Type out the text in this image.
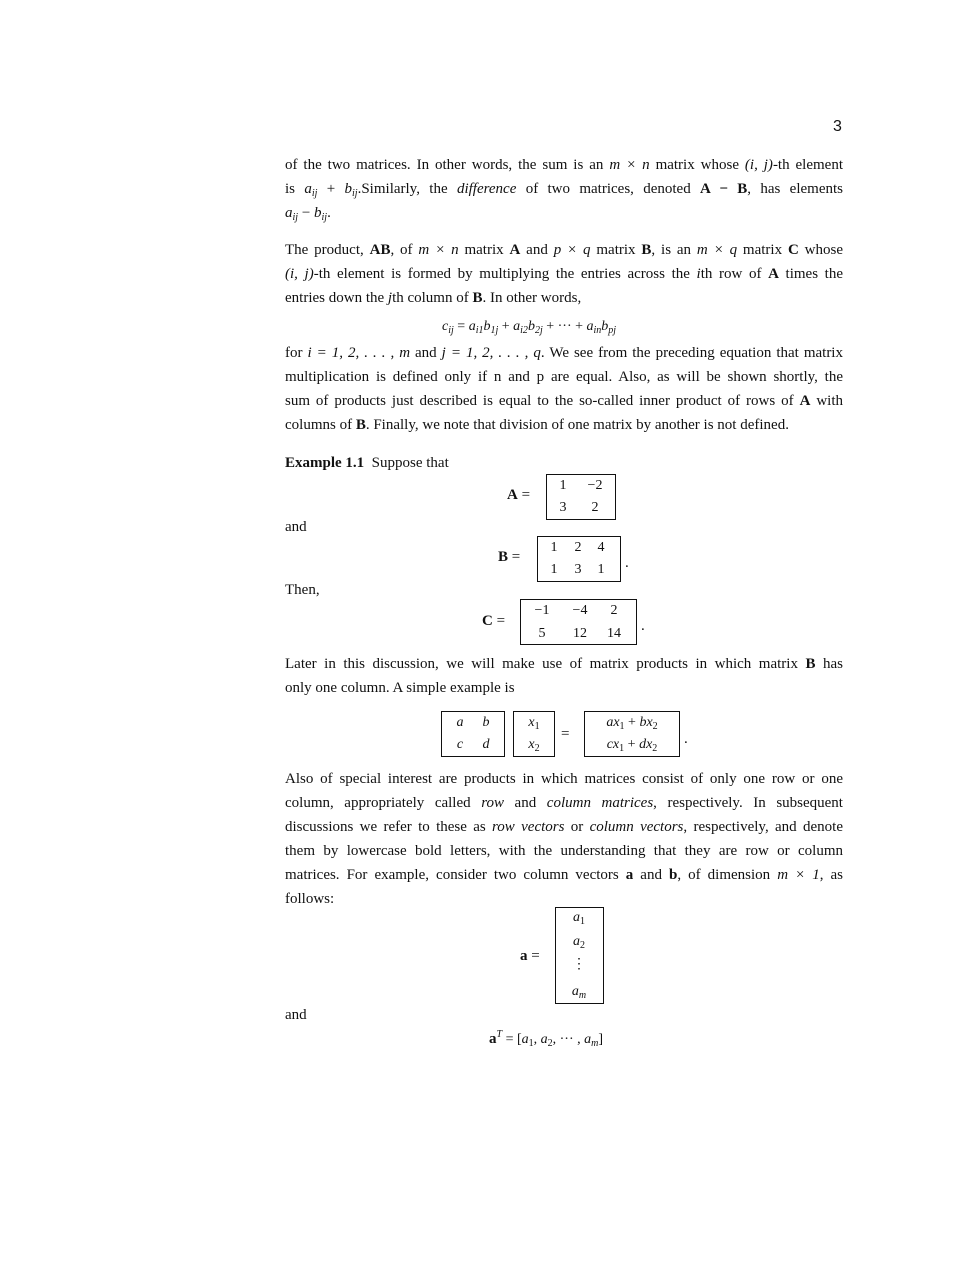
3
of the two matrices. In other words, the sum is an m × n matrix whose (i, j)-th element
is $a_{ij}$ + $b_{ij}.Similarly$, the difference of two matrices, denoted A − B, has elements
$a_{ij} - b_{ij}$.
The product, AB, of m × n matrix A and p × q matrix B, is an m × q matrix C whose
(i, j)-th element is formed by multiplying the entries across the ith row of A times the
entries down the jth column of B. In other words,
$c_{ij} = a_{i1}b_{1j} + a_{i2}b_{2j}$ + ··· + $a_{in}b_{pj}$
for i = 1, 2, . . . , m and j = 1, 2, . . . , q. We see from the preceding equation that matrix
multiplication is defined only if n and p are equal. Also, as will be shown shortly, the
sum of products just described is equal to the so-called inner product of rows of A with
columns of B. Finally, we note that division of one matrix by another is not defined.
Example 1.1 Suppose that
A =
1	−2
3	2
and
B =
1	2	4
1	3	1	.
Then,
C =
−1	−4	2
5	12	14	.
Later in this discussion, we will make use of matrix products in which matrix B has
only one column. A simple example is
a	b
c	d
$x_1$
$x_2$
=
$ax_1 + bx_2$
$cx_1 + dx_2$
.
Also of special interest are products in which matrices consist of only one row or one
column, appropriately called row and column matrices, respectively. In subsequent
discussions we refer to these as row vectors or column vectors, respectively, and denote
them by lowercase bold letters, with the understanding that they are row or column
matrices. For example, consider two column vectors a and b, of dimension m × 1, as
follows:
a =
$a_1$
$a_2$
⋮
$a_m$
and
$a^T = [a_1$, $a_2$, ··· , $a_m$]
